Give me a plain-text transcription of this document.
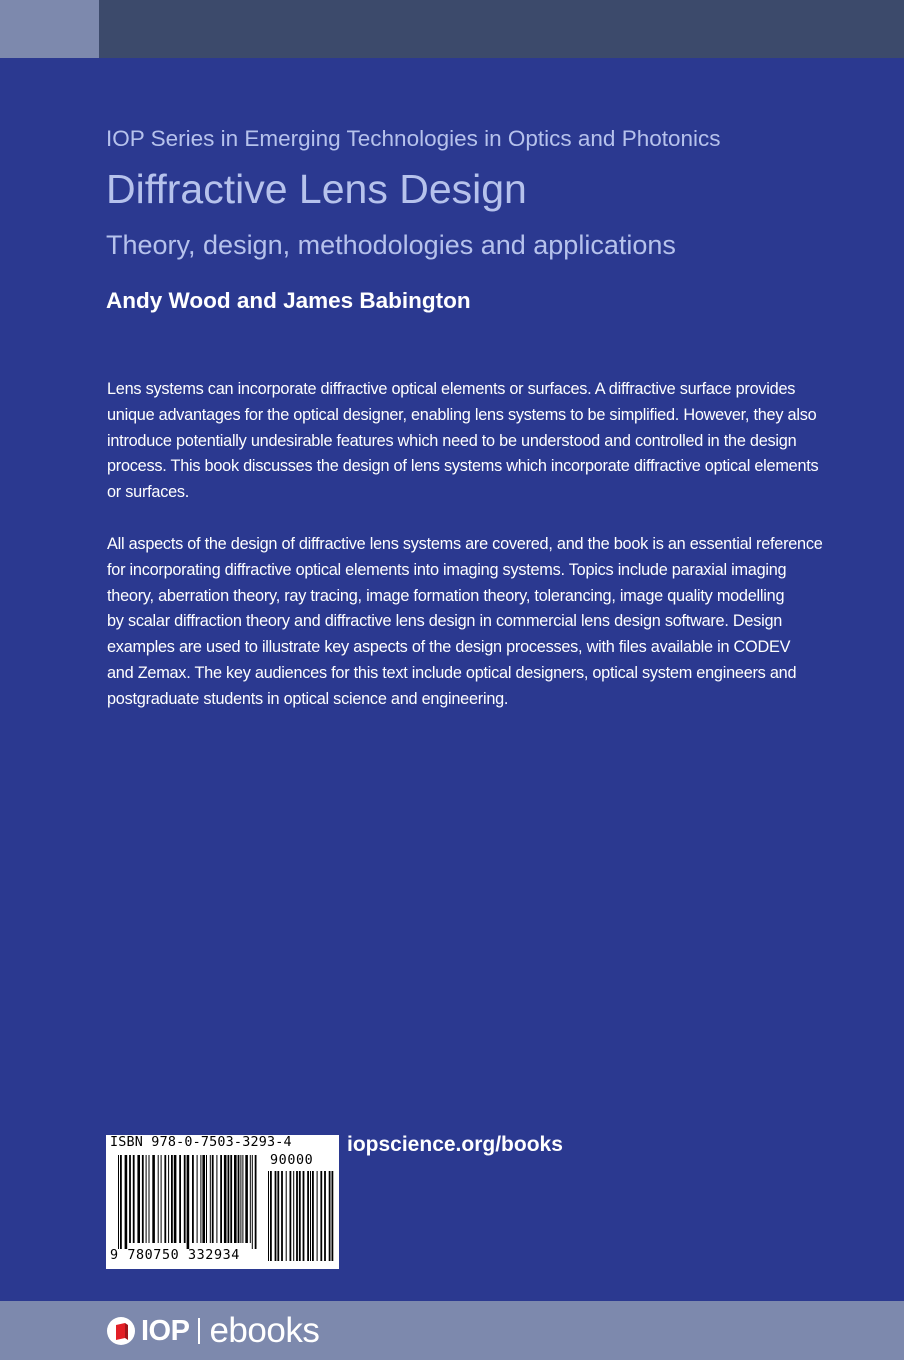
IOP Series in Emerging Technologies in Optics and Photonics
Diffractive Lens Design
Theory, design, methodologies and applications
Andy Wood and James Babington

Lens systems can incorporate diffractive optical elements or surfaces. A diffractive surface provides
unique advantages for the optical designer, enabling lens systems to be simplified. However, they also
introduce potentially undesirable features which need to be understood and controlled in the design
process. This book discusses the design of lens systems which incorporate diffractive optical elements
or surfaces.

All aspects of the design of diffractive lens systems are covered, and the book is an essential reference
for incorporating diffractive optical elements into imaging systems. Topics include paraxial imaging
theory, aberration theory, ray tracing, image formation theory, tolerancing, image quality modelling
by scalar diffraction theory and diffractive lens design in commercial lens design software. Design
examples are used to illustrate key aspects of the design processes, with files available in CODEV
and Zemax. The key audiences for this text include optical designers, optical system engineers and
postgraduate students in optical science and engineering.

ISBN 978-0-7503-3293-4
90000
9 780750 332934
iopscience.org/books
IOP ebooks
